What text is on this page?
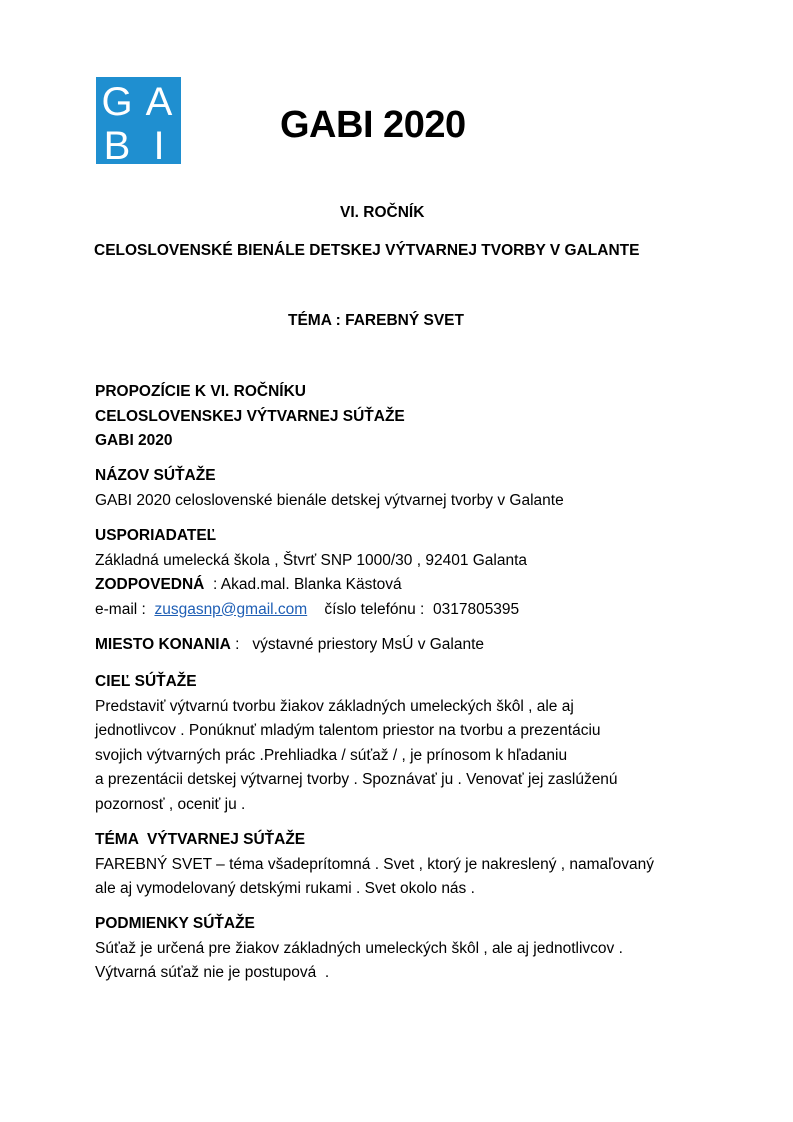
G A
B I	GABI 2020
VI. ROČNÍK
CELOSLOVENSKÉ BIENÁLE DETSKEJ VÝTVARNEJ TVORBY V GALANTE
TÉMA : FAREBNÝ SVET
PROPOZÍCIE K VI. ROČNÍKU
CELOSLOVENSKEJ VÝTVARNEJ SÚŤAŽE
GABI 2020
NÁZOV SÚŤAŽE
GABI 2020 celoslovenské bienále detskej výtvarnej tvorby v Galante
USPORIADATEĽ
Základná umelecká škola , Štvrť SNP 1000/30 , 92401 Galanta
ZODPOVEDNÁ  : Akad.mal. Blanka Kästová
e-mail : zusgasnp@gmail.com číslo telefónu :  0317805395
MIESTO KONANIA :   výstavné priestory MsÚ v Galante
CIEĽ SÚŤAŽE
Predstaviť výtvarnú tvorbu žiakov základných umeleckých škôl , ale aj
jednotlivcov . Ponúknuť mladým talentom priestor na tvorbu a prezentáciu
svojich výtvarných prác .Prehliadka / súťaž / , je prínosom k hľadaniu
a prezentácii detskej výtvarnej tvorby . Spoznávať ju . Venovať jej zaslúženú
pozornosť , oceniť ju .
TÉMA  VÝTVARNEJ SÚŤAŽE
FAREBNÝ SVET – téma všadeprítomná . Svet , ktorý je nakreslený , namaľovaný
ale aj vymodelovaný detskými rukami . Svet okolo nás .
PODMIENKY SÚŤAŽE
Súťaž je určená pre žiakov základných umeleckých škôl , ale aj jednotlivcov .
Výtvarná súťaž nie je postupová  .
